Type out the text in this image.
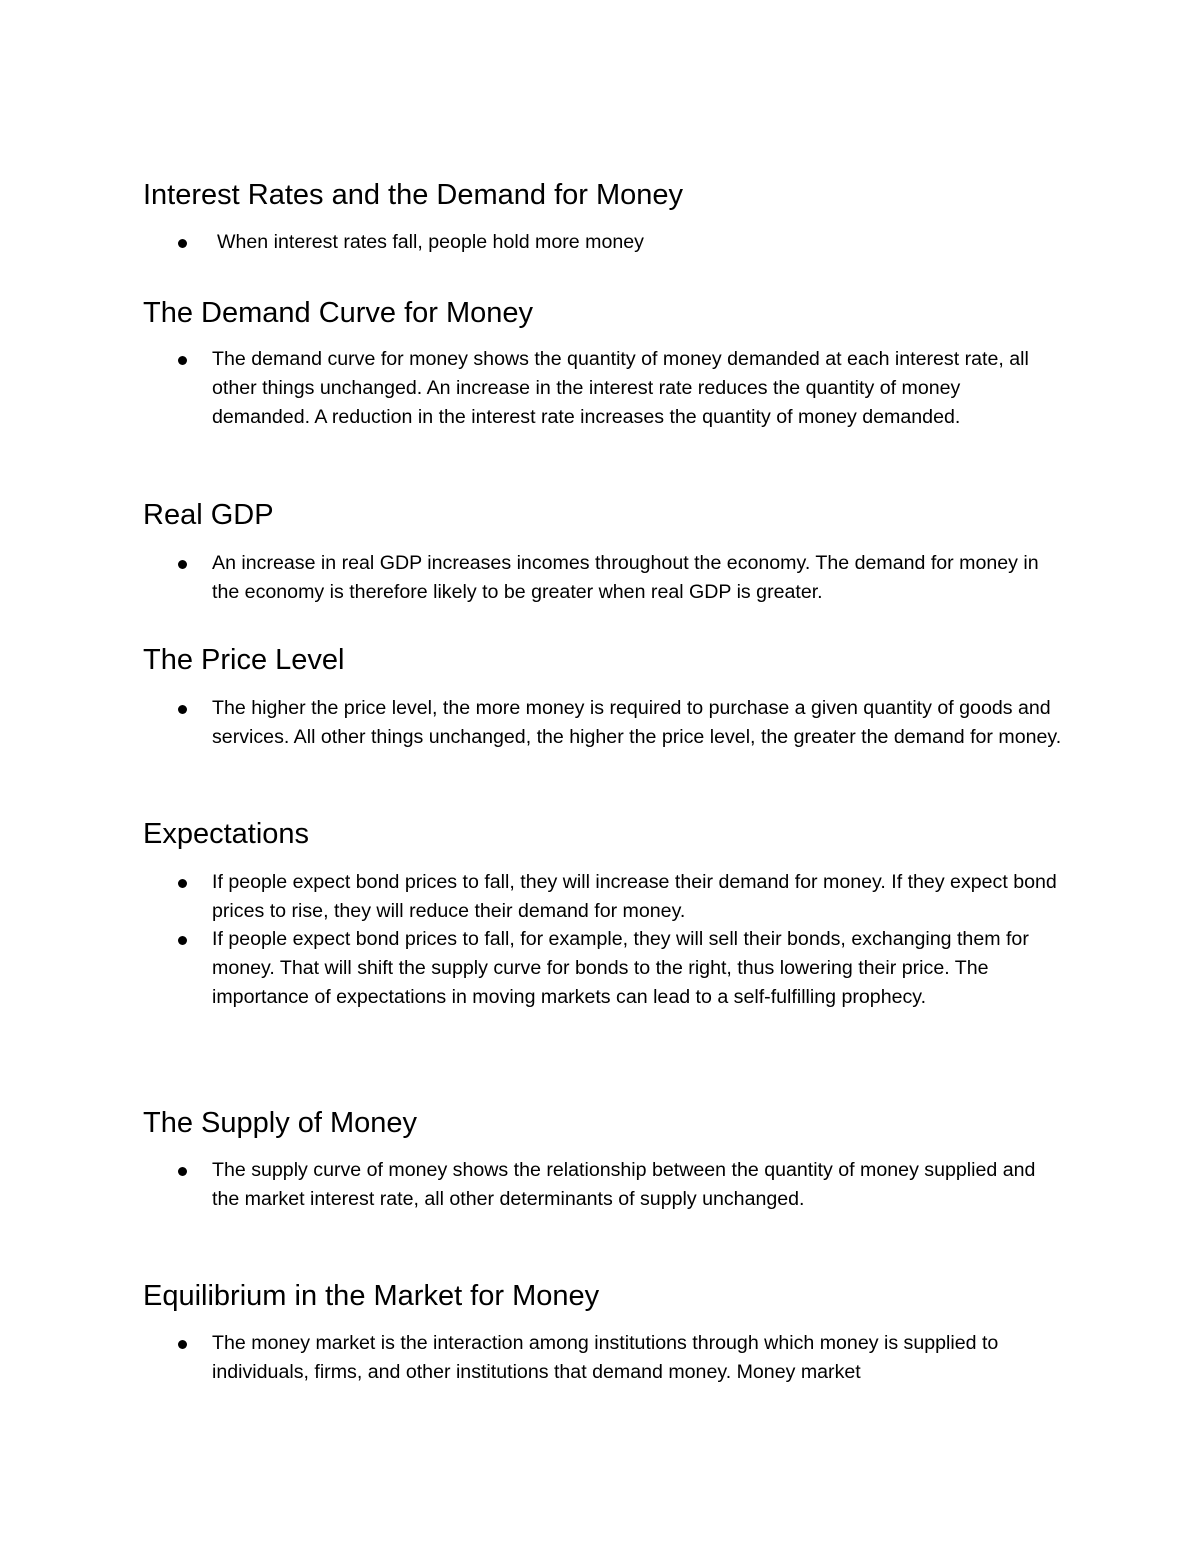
Interest Rates and the Demand for Money

When interest rates fall, people hold more money

The Demand Curve for Money

The demand curve for money shows the quantity of money demanded at each interest rate, all other things unchanged. An increase in the interest rate reduces the quantity of money demanded. A reduction in the interest rate increases the quantity of money demanded.

Real GDP

An increase in real GDP increases incomes throughout the economy. The demand for money in the economy is therefore likely to be greater when real GDP is greater.

The Price Level

The higher the price level, the more money is required to purchase a given quantity of goods and services. All other things unchanged, the higher the price level, the greater the demand for money.

Expectations

If people expect bond prices to fall, they will increase their demand for money. If they expect bond prices to rise, they will reduce their demand for money.

If people expect bond prices to fall, for example, they will sell their bonds, exchanging them for money. That will shift the supply curve for bonds to the right, thus lowering their price. The importance of expectations in moving markets can lead to a self-fulfilling prophecy.

The Supply of Money

The supply curve of money shows the relationship between the quantity of money supplied and the market interest rate, all other determinants of supply unchanged.

Equilibrium in the Market for Money

The money market is the interaction among institutions through which money is supplied to individuals, firms, and other institutions that demand money. Money market
